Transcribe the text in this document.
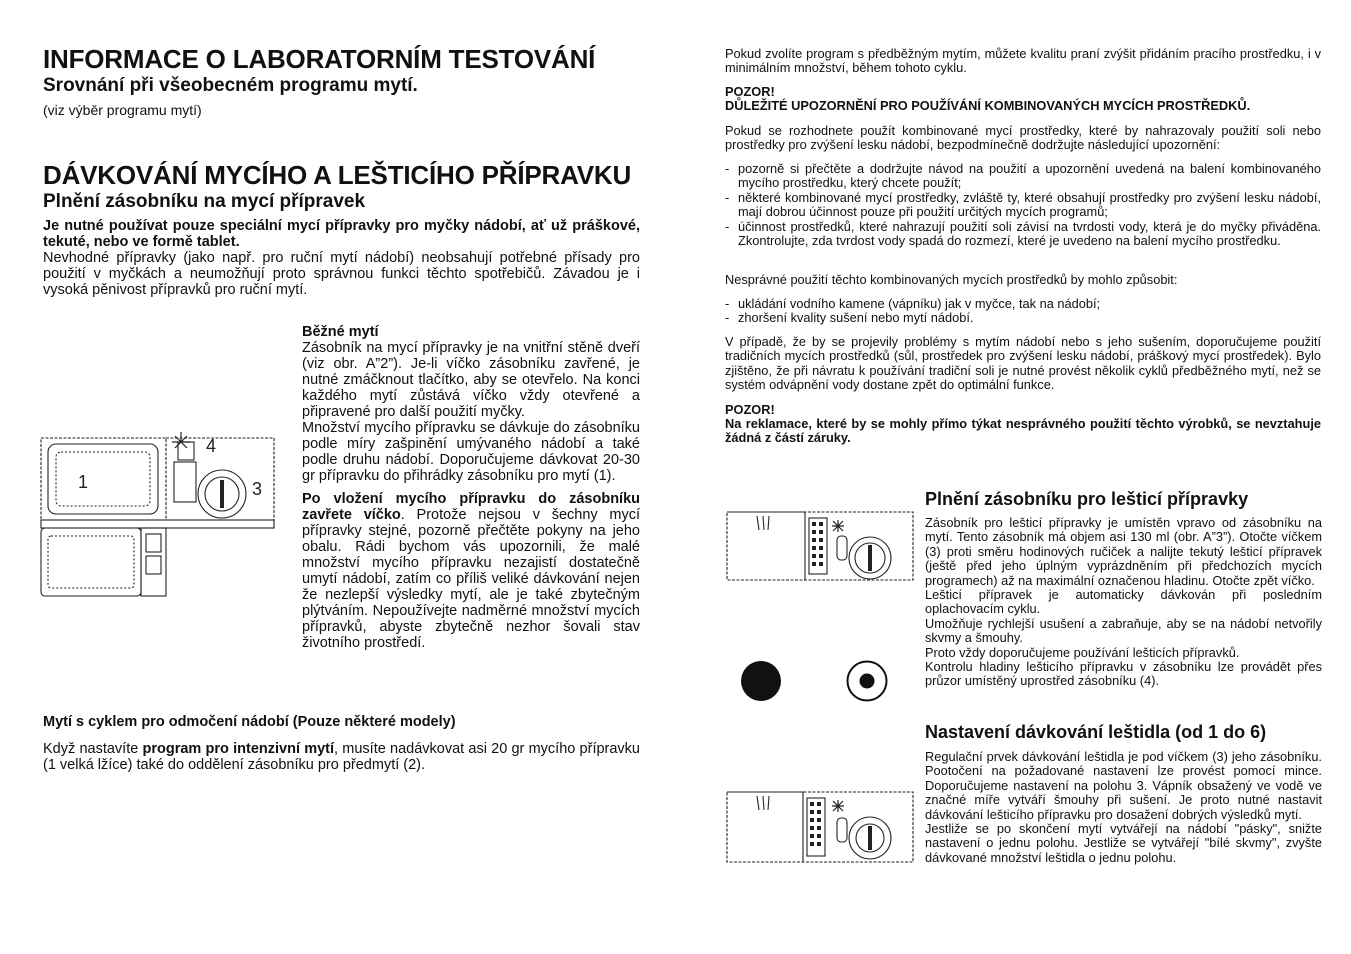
INFORMACE O LABORATORNÍM TESTOVÁNÍ
Srovnání při všeobecném programu mytí.
(viz výběr programu mytí)
DÁVKOVÁNÍ MYCÍHO A LEŠTICÍHO PŘÍPRAVKU
Plnění zásobníku na mycí přípravek

Je nutné používat pouze speciální mycí přípravky pro myčky nádobí, ať už práškové, tekuté, nebo ve formě tablet.

Nevhodné přípravky (jako např. pro ruční mytí nádobí) neobsahují potřebné přísady pro použití v myčkách a neumožňují proto správnou funkci těchto spotřebičů. Závadou je i vysoká pěnivost přípravků pro ruční mytí.

1	3
4

Běžné mytí

Zásobník na mycí přípravky je na vnitřní stěně dveří (viz obr. A”2”). Je-li víčko zásobníku zavřené, je nutné zmáčknout tlačítko, aby se otevřelo. Na konci každého mytí zůstává víčko vždy otevřené a připravené pro další použití myčky.

Množství mycího přípravku se dávkuje do zásobníku podle míry zašpinění umývaného nádobí a také podle druhu nádobí. Doporučujeme dávkovat 20-30 gr přípravku do přihrádky zásobníku pro mytí (1).

Po vložení mycího přípravku do zásobníku zavřete víčko. Protože nejsou v šechny mycí přípravky stejné, pozorně přečtěte pokyny na jeho obalu. Rádi bychom vás upozornili, že malé množství mycího přípravku nezajistí dostatečně umytí nádobí, zatím co příliš veliké dávkování nejen že nezlepší výsledky mytí, ale je také zbytečným plýtváním. Nepoužívejte nadměrné množství mycích přípravků, abyste zbytečně nezhor šovali stav životního prostředí.

Mytí s cyklem pro odmočení nádobí (Pouze některé modely)
Když nastavíte program pro intenzivní mytí, musíte nadávkovat asi 20 gr mycího přípravku (1 velká lžíce) také do oddělení zásobníku pro předmytí (2).
Pokud zvolíte program s předběžným mytím, můžete kvalitu praní zvýšit přidáním pracího prostředku, i v minimálním množství, během tohoto cyklu.
POZOR!
DŮLEŽITÉ UPOZORNĚNÍ PRO POUŽÍVÁNÍ KOMBINOVANÝCH MYCÍCH PROSTŘEDKŮ.
Pokud se rozhodnete použít kombinované mycí prostředky, které by nahrazovaly použití soli nebo prostředky pro zvýšení lesku nádobí, bezpodmínečně dodržujte následující upozornění:
- pozorně si přečtěte a dodržujte návod na použití a upozornění uvedená na balení kombinovaného mycího prostředku, který chcete použít;
- některé kombinované mycí prostředky, zvláště ty, které obsahují prostředky pro zvýšení lesku nádobí, mají dobrou účinnost pouze při použití určitých mycích programů;
- účinnost prostředků, které nahrazují použití soli závisí na tvrdosti vody, která je do myčky přiváděna. Zkontrolujte, zda tvrdost vody spadá do rozmezí, které je uvedeno na balení mycího prostředku.
Nesprávné použití těchto kombinovaných mycích prostředků by mohlo způsobit:
- ukládání vodního kamene (vápníku) jak v myčce, tak na nádobí;
- zhoršení kvality sušení nebo mytí nádobí.
V případě, že by se projevily problémy s mytím nádobí nebo s jeho sušením, doporučujeme použití tradičních mycích prostředků (sůl, prostředek pro zvýšení lesku nádobí, práškový mycí prostředek). Bylo zjištěno, že při návratu k používání tradiční soli je nutné provést několik cyklů předběžného mytí, než se systém odvápnění vody dostane zpět do optimální funkce.
POZOR!
Na reklamace, které by se mohly přímo týkat nesprávného použití těchto výrobků, se nevztahuje žádná z částí záruky.
Plnění zásobníku pro lešticí přípravky

Zásobník pro lešticí přípravky je umístěn vpravo od zásobníku na mytí. Tento zásobník má objem asi 130 ml (obr. A”3”). Otočte víčkem (3) proti směru hodinových ručiček a nalijte tekutý lešticí přípravek (ještě před jeho úplným vyprázdněním při předchozích mycích programech) až na maximální označenou hladinu. Otočte zpět víčko.

Lešticí přípravek je automaticky dávkován při posledním oplachovacím cyklu.

Umožňuje rychlejší usušení a zabraňuje, aby se na nádobí netvořily skvmy a šmouhy.

Proto vždy doporučujeme používání lešticích přípravků.

Kontrolu hladiny lešticího přípravku v zásobníku lze provádět přes průzor umístěný uprostřed zásobníku (4).

Nastavení dávkování leštidla (od 1 do 6)

Regulační prvek dávkování leštidla je pod víčkem (3) jeho zásobníku. Pootočení na požadované nastavení lze provést pomocí mince. Doporučujeme nastavení na polohu 3. Vápník obsažený ve vodě ve značné míře vytváří šmouhy při sušení. Je proto nutné nastavit dávkování lešticího přípravku pro dosažení dobrých výsledků mytí.

Jestliže se po skončení mytí vytvářejí na nádobí "pásky", snižte nastavení o jednu polohu. Jestliže se vytvářejí "bílé skvmy", zvyšte dávkované množství leštidla o jednu polohu.
